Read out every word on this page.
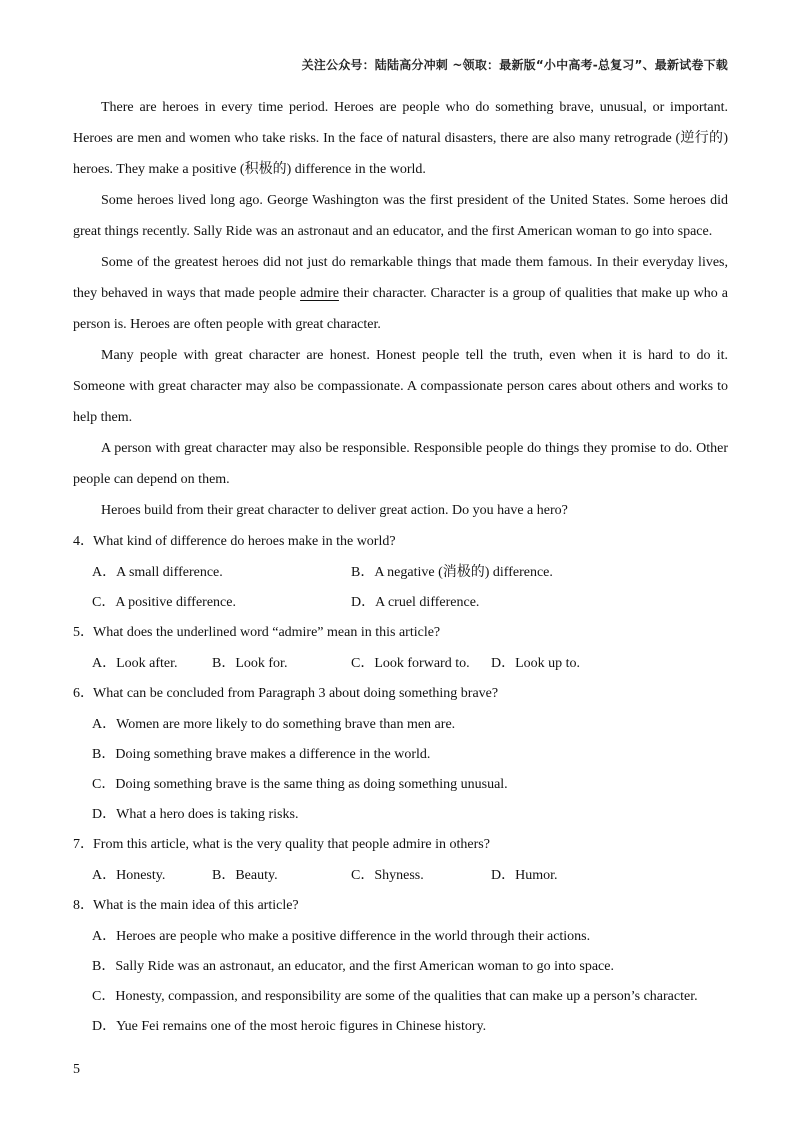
关注公众号：陆陆高分冲刺 ~领取：最新版“小中高考-总复习”、最新试卷下载

There are heroes in every time period. Heroes are people who do something brave, unusual, or important. Heroes are men and women who take risks. In the face of natural disasters, there are also many retrograde (逆行的) heroes. They make a positive (积极的) difference in the world.

Some heroes lived long ago. George Washington was the first president of the United States. Some heroes did great things recently. Sally Ride was an astronaut and an educator, and the first American woman to go into space.

Some of the greatest heroes did not just do remarkable things that made them famous. In their everyday lives, they behaved in ways that made people admire their character. Character is a group of qualities that make up who a person is. Heroes are often people with great character.

Many people with great character are honest. Honest people tell the truth, even when it is hard to do it. Someone with great character may also be compassionate. A compassionate person cares about others and works to help them.

A person with great character may also be responsible. Responsible people do things they promise to do. Other people can depend on them.

Heroes build from their great character to deliver great action. Do you have a hero?

4． What kind of difference do heroes make in the world?

A．A small difference.	B．A negative (消极的) difference.
C．A positive difference.	D．A cruel difference.

5． What does the underlined word “admire” mean in this article?

A．Look after. B．Look for.	C．Look forward to. D．Look up to.

6． What can be concluded from Paragraph 3 about doing something brave?

A．Women are more likely to do something brave than men are.

B．Doing something brave makes a difference in the world.

C．Doing something brave is the same thing as doing something unusual.

D．What a hero does is taking risks.

7． From this article, what is the very quality that people admire in others?

A．Honesty.	B．Beauty.	C．Shyness.	D．Humor.

8． What is the main idea of this article?

A．Heroes are people who make a positive difference in the world through their actions.

B．Sally Ride was an astronaut, an educator, and the first American woman to go into space.

C．Honesty, compassion, and responsibility are some of the qualities that can make up a person’s character.

D．Yue Fei remains one of the most heroic figures in Chinese history.

5
